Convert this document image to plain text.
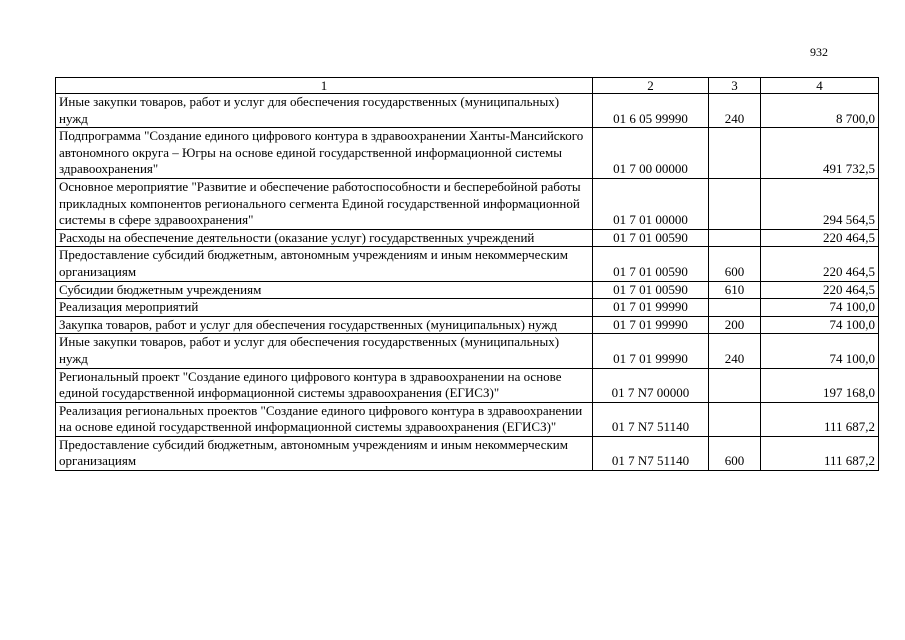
932
1	2	3	4

Иные закупки товаров, работ и услуг для обеспечения государственных (муниципальных) нужд	01 6 05 99990	240	8 700,0

Подпрограмма "Создание единого цифрового контура в здравоохранении Ханты-Мансийского автономного округа – Югры на основе единой государственной информационной системы здравоохранения"	01 7 00 00000		491 732,5

Основное мероприятие "Развитие и обеспечение работоспособности и бесперебойной работы прикладных компонентов регионального сегмента Единой государственной информационной системы в сфере здравоохранения"	01 7 01 00000		294 564,5

Расходы на обеспечение деятельности (оказание услуг) государственных учреждений	01 7 01 00590		220 464,5

Предоставление субсидий бюджетным, автономным учреждениям и иным некоммерческим организациям	01 7 01 00590	600	220 464,5

Субсидии бюджетным учреждениям	01 7 01 00590	610	220 464,5

Реализация мероприятий	01 7 01 99990		74 100,0

Закупка товаров, работ и услуг для обеспечения государственных (муниципальных) нужд	01 7 01 99990	200	74 100,0

Иные закупки товаров, работ и услуг для обеспечения государственных (муниципальных) нужд	01 7 01 99990	240	74 100,0

Региональный проект "Создание единого цифрового контура в здравоохранении на основе единой государственной информационной системы здравоохранения (ЕГИСЗ)"	01 7 N7 00000		197 168,0

Реализация региональных проектов "Создание единого цифрового контура в здравоохранении на основе единой государственной информационной системы здравоохранения (ЕГИСЗ)"	01 7 N7 51140		111 687,2

Предоставление субсидий бюджетным, автономным учреждениям и иным некоммерческим организациям	01 7 N7 51140	600	111 687,2
